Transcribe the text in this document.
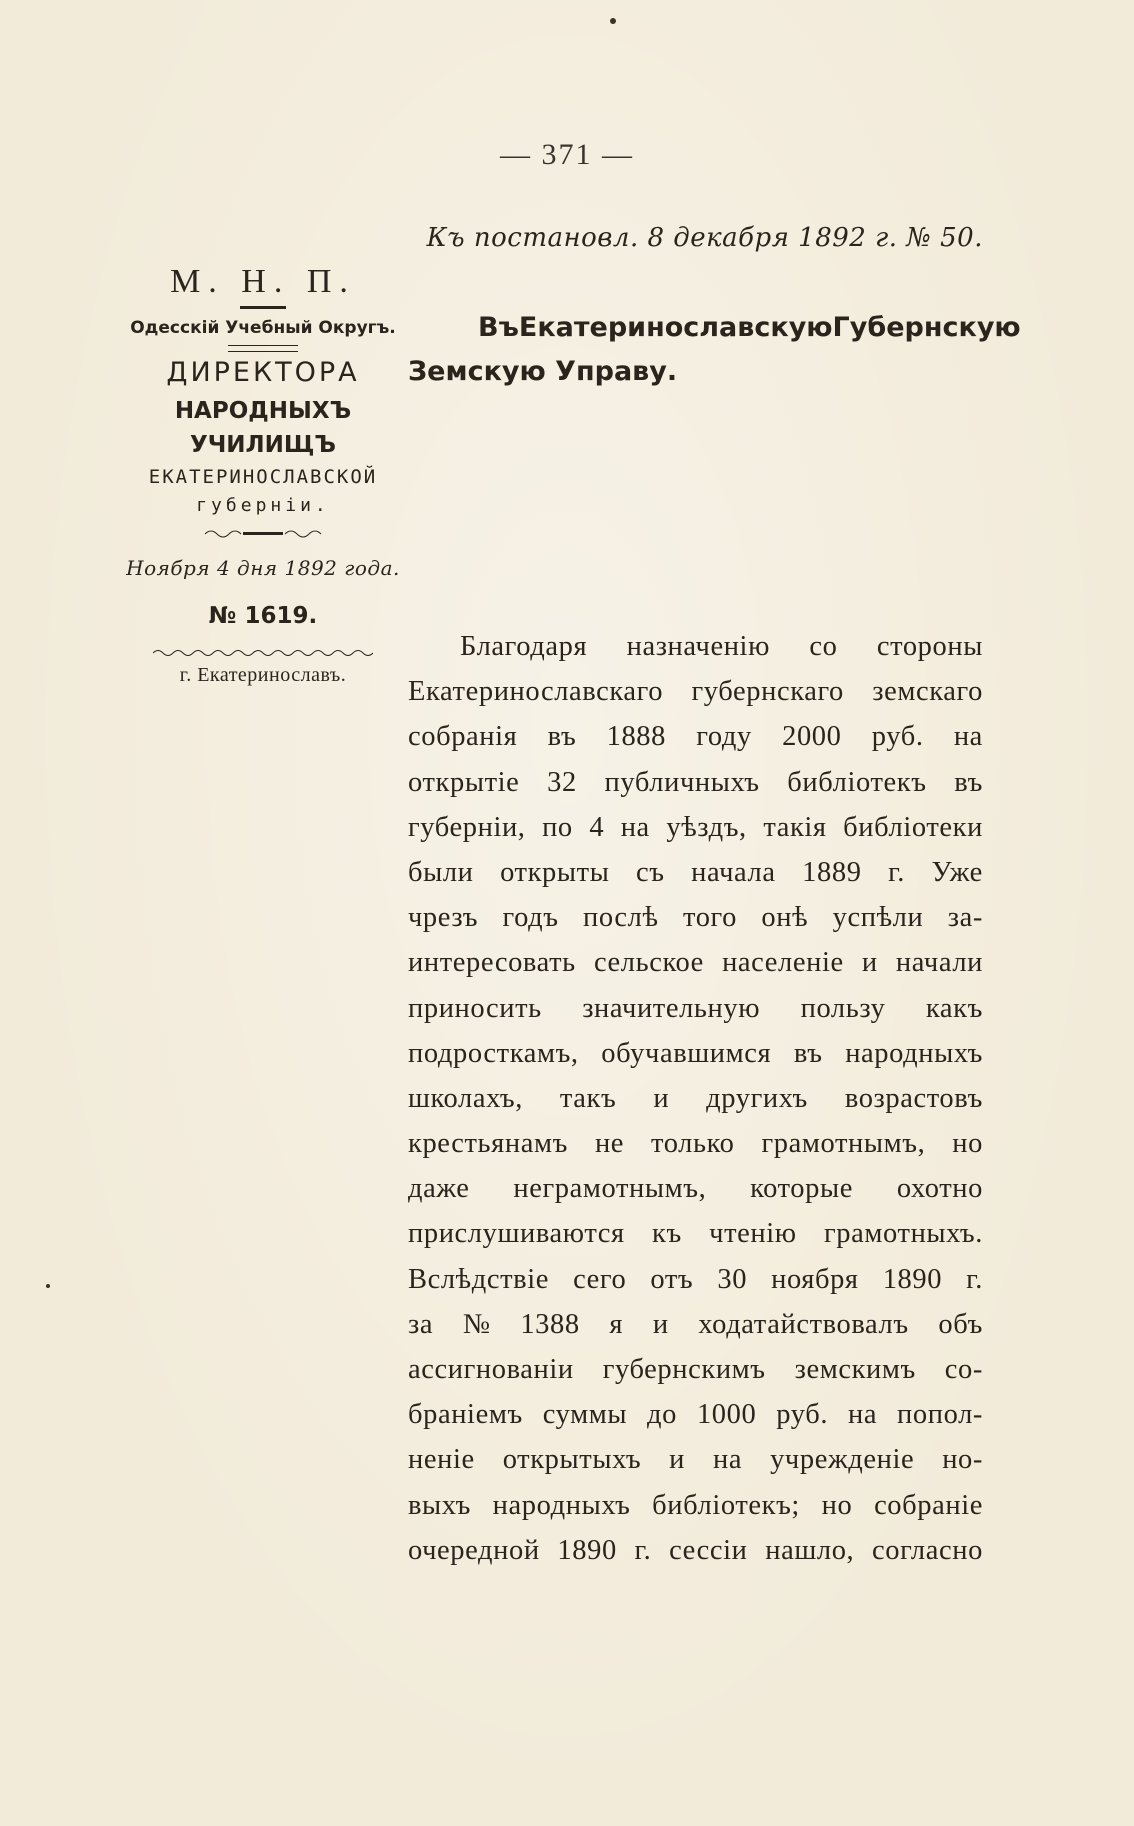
— 371 —
Къ постановл. 8 декабря 1892 г. № 50.
М. Н. П.
Одесскій Учебный Округъ.
ДИРЕКТОРА
НАРОДНЫХЪ УЧИЛИЩЪ
ЕКАТЕРИНОСЛАВСКОЙ
губерніи.
Ноября 4 дня 1892 года.
№ 1619.
г. Екатеринославъ.
Въ Екатеринославскую Губернскую
Земскую Управу.
Благодаря назначенію со стороны
Екатеринославскаго губернскаго земскаго
собранія въ 1888 году 2000 руб. на
открытіе 32 публичныхъ библіотекъ въ
губерніи, по 4 на уѣздъ, такія библіотеки
были открыты съ начала 1889 г. Уже
чрезъ годъ послѣ того онѣ успѣли за-
интересовать сельское населеніе и начали
приносить значительную пользу какъ
подросткамъ, обучавшимся въ народныхъ
школахъ, такъ и другихъ возрастовъ
крестьянамъ не только грамотнымъ, но
даже неграмотнымъ, которые охотно
прислушиваются къ чтенію грамотныхъ.
Вслѣдствіе сего отъ 30 ноября 1890 г.
за № 1388 я и ходатайствовалъ объ
ассигнованіи губернскимъ земскимъ со-
браніемъ суммы до 1000 руб. на попол-
неніе открытыхъ и на учрежденіе но-
выхъ народныхъ библіотекъ; но собраніе
очередной 1890 г. сессіи нашло, согласно
